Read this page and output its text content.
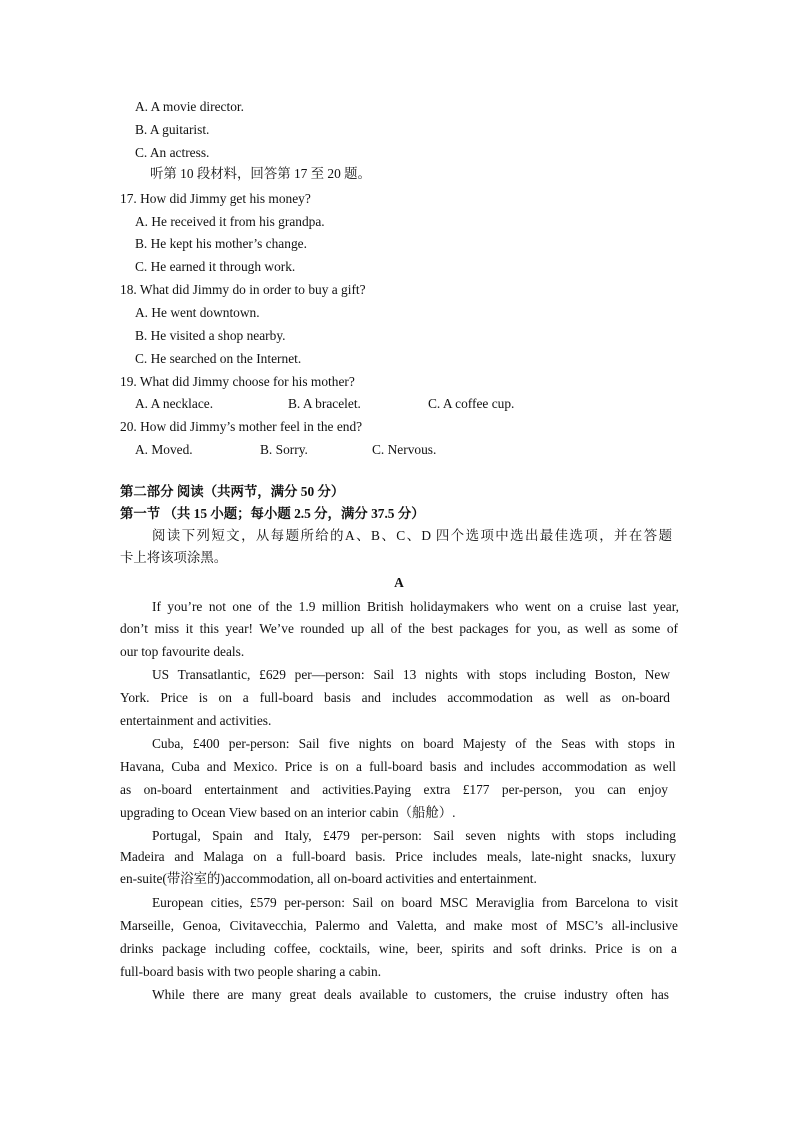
A. A movie director.
B. A guitarist.
C. An actress.
听第 10 段材料，回答第 17 至 20 题。
17. How did Jimmy get his money?
A. He received it from his grandpa.
B. He kept his mother’s change.
C. He earned it through work.
18. What did Jimmy do in order to buy a gift?
A. He went downtown.
B. He visited a shop nearby.
C. He searched on the Internet.
19. What did Jimmy choose for his mother?
A. A necklace.	B. A bracelet.	C. A coffee cup.
20. How did Jimmy’s mother feel in the end?
A. Moved.	B. Sorry.	C. Nervous.
第二部分 阅读（共两节，满分 50 分）
第一节 （共 15 小题；每小题 2.5 分，满分 37.5 分）
阅读下列短文，从每题所给的A、B、C、D 四个选项中选出最佳选项，并在答题
卡上将该项涂黑。
A
If you’re not one of the 1.9 million British holidaymakers who went on a cruise last year,
don’t miss it this year! We’ve rounded up all of the best packages for you, as well as some of
our top favourite deals.
US Transatlantic, £629 per—person: Sail 13 nights with stops including Boston, New
York. Price is on a full-board basis and includes accommodation as well as on-board
entertainment and activities.
Cuba, £400 per-person: Sail five nights on board Majesty of the Seas with stops in
Havana, Cuba and Mexico. Price is on a full-board basis and includes accommodation as well
as on-board entertainment and activities.Paying extra £177 per-person, you can enjoy
upgrading to Ocean View based on an interior cabin（船舱）.
Portugal, Spain and Italy, £479 per-person: Sail seven nights with stops including
Madeira and Malaga on a full-board basis. Price includes meals, late-night snacks, luxury
en-suite(带浴室的)accommodation, all on-board activities and entertainment.
European cities, £579 per-person: Sail on board MSC Meraviglia from Barcelona to visit
Marseille, Genoa, Civitavecchia, Palermo and Valetta, and make most of MSC’s all-inclusive
drinks package including coffee, cocktails, wine, beer, spirits and soft drinks. Price is on a
full-board basis with two people sharing a cabin.
While there are many great deals available to customers, the cruise industry often has
